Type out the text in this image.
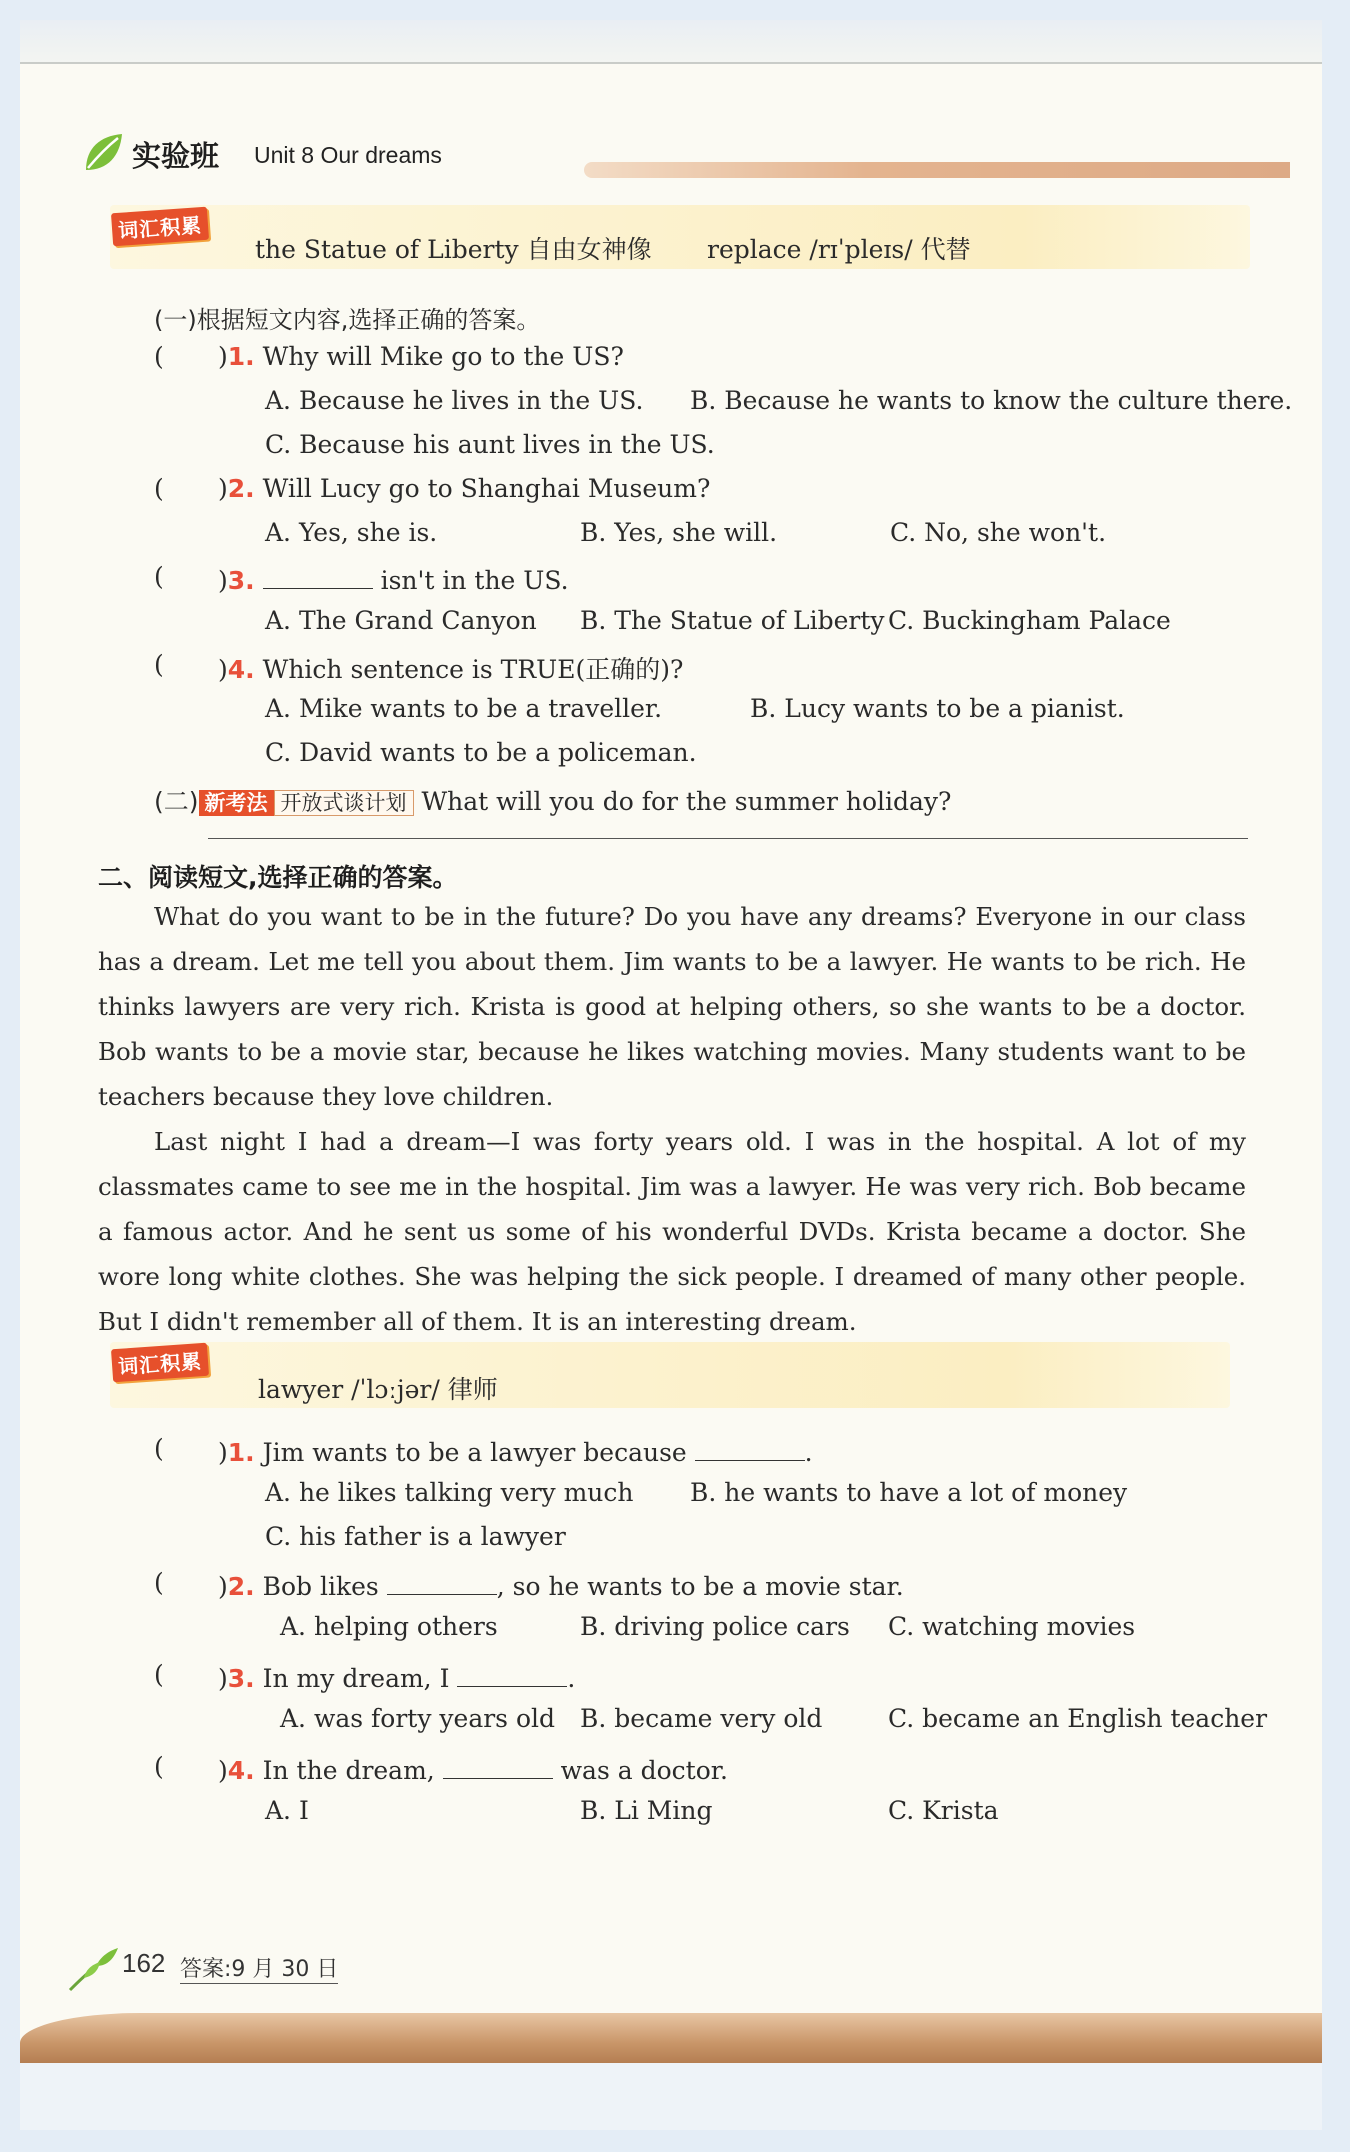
实验班 Unit 8 Our dreams
词汇积累
the Statue of Liberty 自由女神像 replace /rɪˈpleɪs/ 代替
(一)根据短文内容,选择正确的答案。
( )1. Why will Mike go to the US?
A. Because he lives in the US. B. Because he wants to know the culture there.
C. Because his aunt lives in the US.
( )2. Will Lucy go to Shanghai Museum?
A. Yes, she is.	B. Yes, she will.	C. No, she won't.
( )3.	isn't in the US.
A. The Grand Canyon B. The Statue of Liberty C. Buckingham Palace
( )4. Which sentence is TRUE(正确的)?
A. Mike wants to be a traveller.	B. Lucy wants to be a pianist.
C. David wants to be a policeman.
(二) 新考法 开放式谈计划 What will you do for the summer holiday?
二、阅读短文,选择正确的答案。

What do you want to be in the future? Do you have any dreams? Everyone in our class has a dream. Let me tell you about them. Jim wants to be a lawyer. He wants to be rich. He thinks lawyers are very rich. Krista is good at helping others, so she wants to be a doctor. Bob wants to be a movie star, because he likes watching movies. Many students want to be teachers because they love children.

Last night I had a dream—I was forty years old. I was in the hospital. A lot of my classmates came to see me in the hospital. Jim was a lawyer. He was very rich. Bob became a famous actor. And he sent us some of his wonderful DVDs. Krista became a doctor. She wore long white clothes. She was helping the sick people. I dreamed of many other people. But I didn't remember all of them. It is an interesting dream.

词汇积累
lawyer /ˈlɔːjər/ 律师
( )1. Jim wants to be a lawyer because	.
A. he likes talking very much B. he wants to have a lot of money
C. his father is a lawyer
( )2. Bob likes	, so he wants to be a movie star.
A. helping others	B. driving police cars C. watching movies
( )3. In my dream, I	.
A. was forty years old B. became very old	C. became an English teacher
( )4. In the dream,	was a doctor.
A. I	B. Li Ming	C. Krista
162 答案:9 月 30 日
